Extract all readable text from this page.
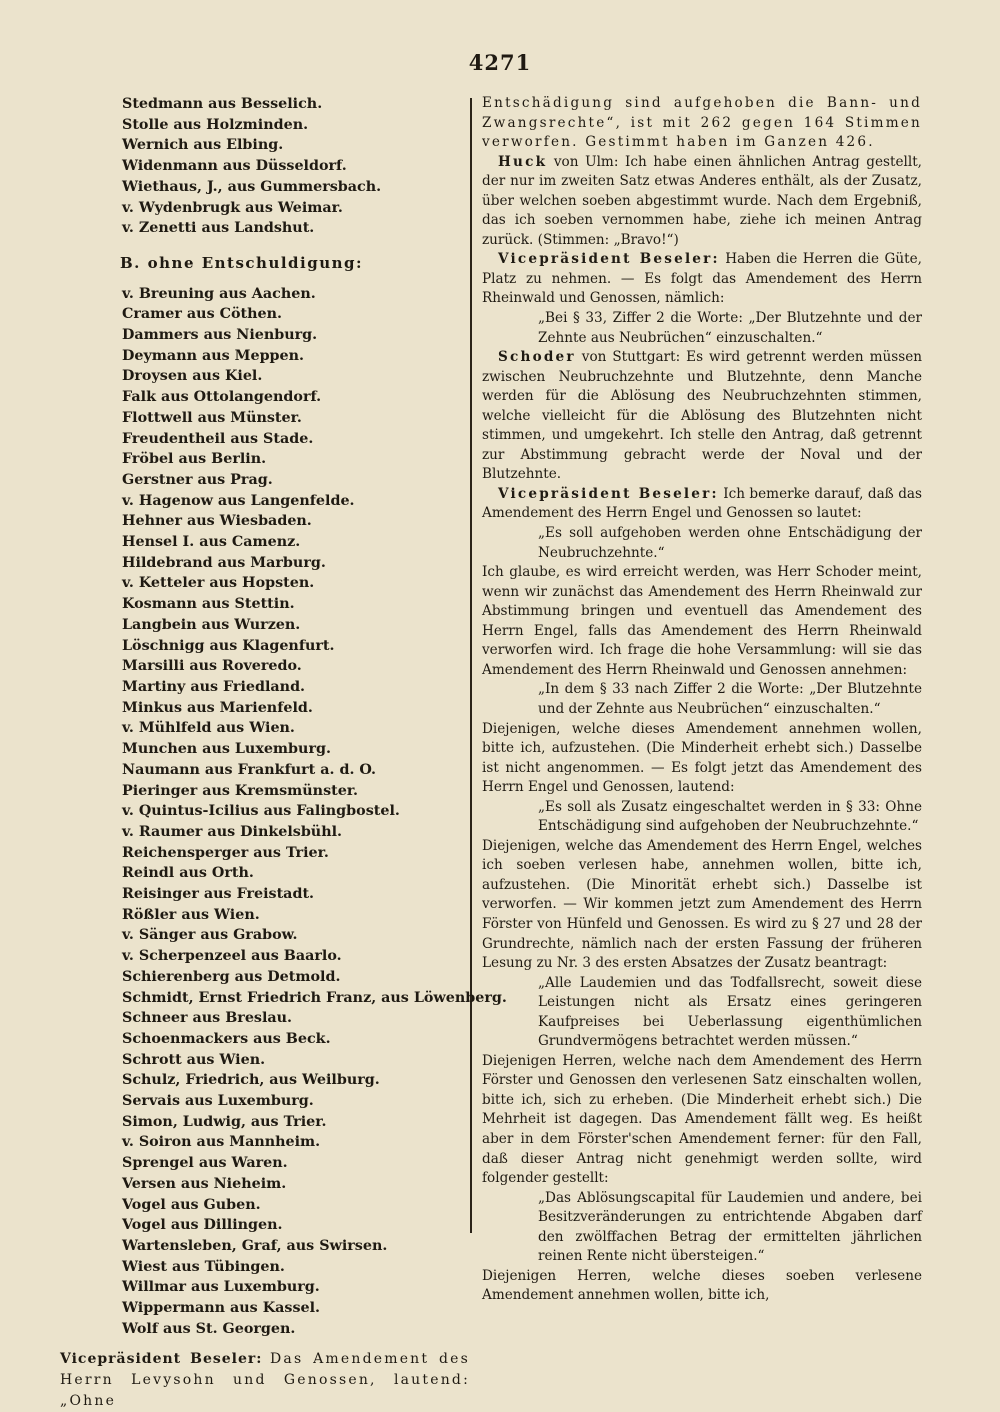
4271
Stedmann aus Besselich.
Stolle aus Holzminden.
Wernich aus Elbing.
Widenmann aus Düsseldorf.
Wiethaus, J., aus Gummersbach.
v. Wydenbrugk aus Weimar.
v. Zenetti aus Landshut.
B. ohne Entschuldigung:
v. Breuning aus Aachen.
Cramer aus Cöthen.
Dammers aus Nienburg.
Deymann aus Meppen.
Droysen aus Kiel.
Falk aus Ottolangendorf.
Flottwell aus Münster.
Freudentheil aus Stade.
Fröbel aus Berlin.
Gerstner aus Prag.
v. Hagenow aus Langenfelde.
Hehner aus Wiesbaden.
Hensel I. aus Camenz.
Hildebrand aus Marburg.
v. Ketteler aus Hopsten.
Kosmann aus Stettin.
Langbein aus Wurzen.
Löschnigg aus Klagenfurt.
Marsilli aus Roveredo.
Martiny aus Friedland.
Minkus aus Marienfeld.
v. Mühlfeld aus Wien.
Munchen aus Luxemburg.
Naumann aus Frankfurt a. d. O.
Pieringer aus Kremsmünster.
v. Quintus-Icilius aus Falingbostel.
v. Raumer aus Dinkelsbühl.
Reichensperger aus Trier.
Reindl aus Orth.
Reisinger aus Freistadt.
Rößler aus Wien.
v. Sänger aus Grabow.
v. Scherpenzeel aus Baarlo.
Schierenberg aus Detmold.
Schmidt, Ernst Friedrich Franz, aus Löwenberg.
Schneer aus Breslau.
Schoenmackers aus Beck.
Schrott aus Wien.
Schulz, Friedrich, aus Weilburg.
Servais aus Luxemburg.
Simon, Ludwig, aus Trier.
v. Soiron aus Mannheim.
Sprengel aus Waren.
Versen aus Nieheim.
Vogel aus Guben.
Vogel aus Dillingen.
Wartensleben, Graf, aus Swirsen.
Wiest aus Tübingen.
Willmar aus Luxemburg.
Wippermann aus Kassel.
Wolf aus St. Georgen.
Vicepräsident Beseler: Das Amendement des Herrn Levysohn und Genossen, lautend: „Ohne

Entschädigung sind aufgehoben die Bann- und Zwangsrechte“, ist mit 262 gegen 164 Stimmen verworfen. Gestimmt haben im Ganzen 426.

Huck von Ulm: Ich habe einen ähnlichen Antrag gestellt, der nur im zweiten Satz etwas Anderes enthält, als der Zusatz, über welchen soeben abgestimmt wurde. Nach dem Ergebniß, das ich soeben vernommen habe, ziehe ich meinen Antrag zurück. (Stimmen: „Bravo!“)

Vicepräsident Beseler: Haben die Herren die Güte, Platz zu nehmen. — Es folgt das Amendement des Herrn Rheinwald und Genossen, nämlich:

„Bei § 33, Ziffer 2 die Worte: „Der Blutzehnte und der Zehnte aus Neubrüchen“ einzuschalten.“

Schoder von Stuttgart: Es wird getrennt werden müssen zwischen Neubruchzehnte und Blutzehnte, denn Manche werden für die Ablösung des Neubruchzehnten stimmen, welche vielleicht für die Ablösung des Blutzehnten nicht stimmen, und umgekehrt. Ich stelle den Antrag, daß getrennt zur Abstimmung gebracht werde der Noval und der Blutzehnte.

Vicepräsident Beseler: Ich bemerke darauf, daß das Amendement des Herrn Engel und Genossen so lautet:

„Es soll aufgehoben werden ohne Entschädigung der Neubruchzehnte.“

Ich glaube, es wird erreicht werden, was Herr Schoder meint, wenn wir zunächst das Amendement des Herrn Rheinwald zur Abstimmung bringen und eventuell das Amendement des Herrn Engel, falls das Amendement des Herrn Rheinwald verworfen wird. Ich frage die hohe Versammlung: will sie das Amendement des Herrn Rheinwald und Genossen annehmen:

„In dem § 33 nach Ziffer 2 die Worte: „Der Blutzehnte und der Zehnte aus Neubrüchen“ einzuschalten.“

Diejenigen, welche dieses Amendement annehmen wollen, bitte ich, aufzustehen. (Die Minderheit erhebt sich.) Dasselbe ist nicht angenommen. — Es folgt jetzt das Amendement des Herrn Engel und Genossen, lautend:

„Es soll als Zusatz eingeschaltet werden in § 33: Ohne Entschädigung sind aufgehoben der Neubruchzehnte.“

Diejenigen, welche das Amendement des Herrn Engel, welches ich soeben verlesen habe, annehmen wollen, bitte ich, aufzustehen. (Die Minorität erhebt sich.) Dasselbe ist verworfen. — Wir kommen jetzt zum Amendement des Herrn Förster von Hünfeld und Genossen. Es wird zu § 27 und 28 der Grundrechte, nämlich nach der ersten Fassung der früheren Lesung zu Nr. 3 des ersten Absatzes der Zusatz beantragt:

„Alle Laudemien und das Todfallsrecht, soweit diese Leistungen nicht als Ersatz eines geringeren Kaufpreises bei Ueberlassung eigenthümlichen Grundvermögens betrachtet werden müssen.“

Diejenigen Herren, welche nach dem Amendement des Herrn Förster und Genossen den verlesenen Satz einschalten wollen, bitte ich, sich zu erheben. (Die Minderheit erhebt sich.) Die Mehrheit ist dagegen. Das Amendement fällt weg. Es heißt aber in dem Förster'schen Amendement ferner: für den Fall, daß dieser Antrag nicht genehmigt werden sollte, wird folgender gestellt:

„Das Ablösungscapital für Laudemien und andere, bei Besitzveränderungen zu entrichtende Abgaben darf den zwölffachen Betrag der ermittelten jährlichen reinen Rente nicht übersteigen.“

Diejenigen Herren, welche dieses soeben verlesene Amendement annehmen wollen, bitte ich,
